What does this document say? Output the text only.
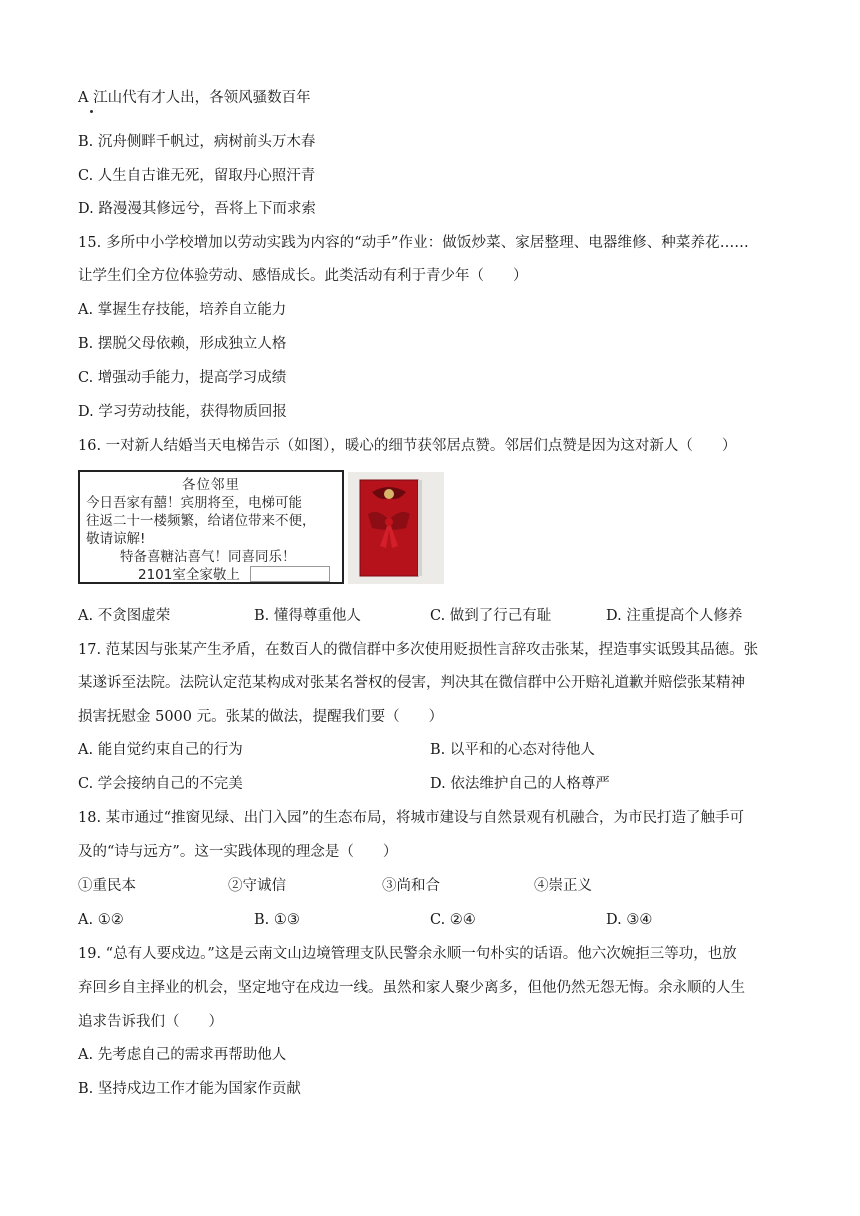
A 江山代有才人出，各领风骚数百年
B. 沉舟侧畔千帆过，病树前头万木春
C. 人生自古谁无死，留取丹心照汗青
D. 路漫漫其修远兮，吾将上下而求索
15. 多所中小学校增加以劳动实践为内容的“动手”作业：做饭炒菜、家居整理、电器维修、种菜养花……
让学生们全方位体验劳动、感悟成长。此类活动有利于青少年（　　）
A. 掌握生存技能，培养自立能力
B. 摆脱父母依赖，形成独立人格
C. 增强动手能力，提高学习成绩
D. 学习劳动技能，获得物质回报
16. 一对新人结婚当天电梯告示（如图），暖心的细节获邻居点赞。邻居们点赞是因为这对新人（　　）
各位邻里
今日吾家有囍！宾朋将至，电梯可能
往返二十一楼频繁，给诸位带来不便，
敬请谅解!
特备喜糖沾喜气！同喜同乐！
2101室全家敬上
A. 不贪图虚荣	B. 懂得尊重他人	C. 做到了行己有耻	D. 注重提高个人修养
17. 范某因与张某产生矛盾，在数百人的微信群中多次使用贬损性言辞攻击张某，捏造事实诋毁其品德。张
某遂诉至法院。法院认定范某构成对张某名誉权的侵害，判决其在微信群中公开赔礼道歉并赔偿张某精神
损害抚慰金 5000 元。张某的做法，提醒我们要（　　）
A. 能自觉约束自己的行为	B. 以平和的心态对待他人
C. 学会接纳自己的不完美	D. 依法维护自己的人格尊严
18. 某市通过“推窗见绿、出门入园”的生态布局，将城市建设与自然景观有机融合，为市民打造了触手可
及的“诗与远方”。这一实践体现的理念是（　　）
①重民本	②守诚信	③尚和合	④崇正义
A. ①②	B. ①③	C. ②④	D. ③④
19. “总有人要戍边。”这是云南文山边境管理支队民警余永顺一句朴实的话语。他六次婉拒三等功，也放
弃回乡自主择业的机会，坚定地守在戍边一线。虽然和家人聚少离多，但他仍然无怨无悔。余永顺的人生
追求告诉我们（　　）
A. 先考虑自己的需求再帮助他人
B. 坚持戍边工作才能为国家作贡献
